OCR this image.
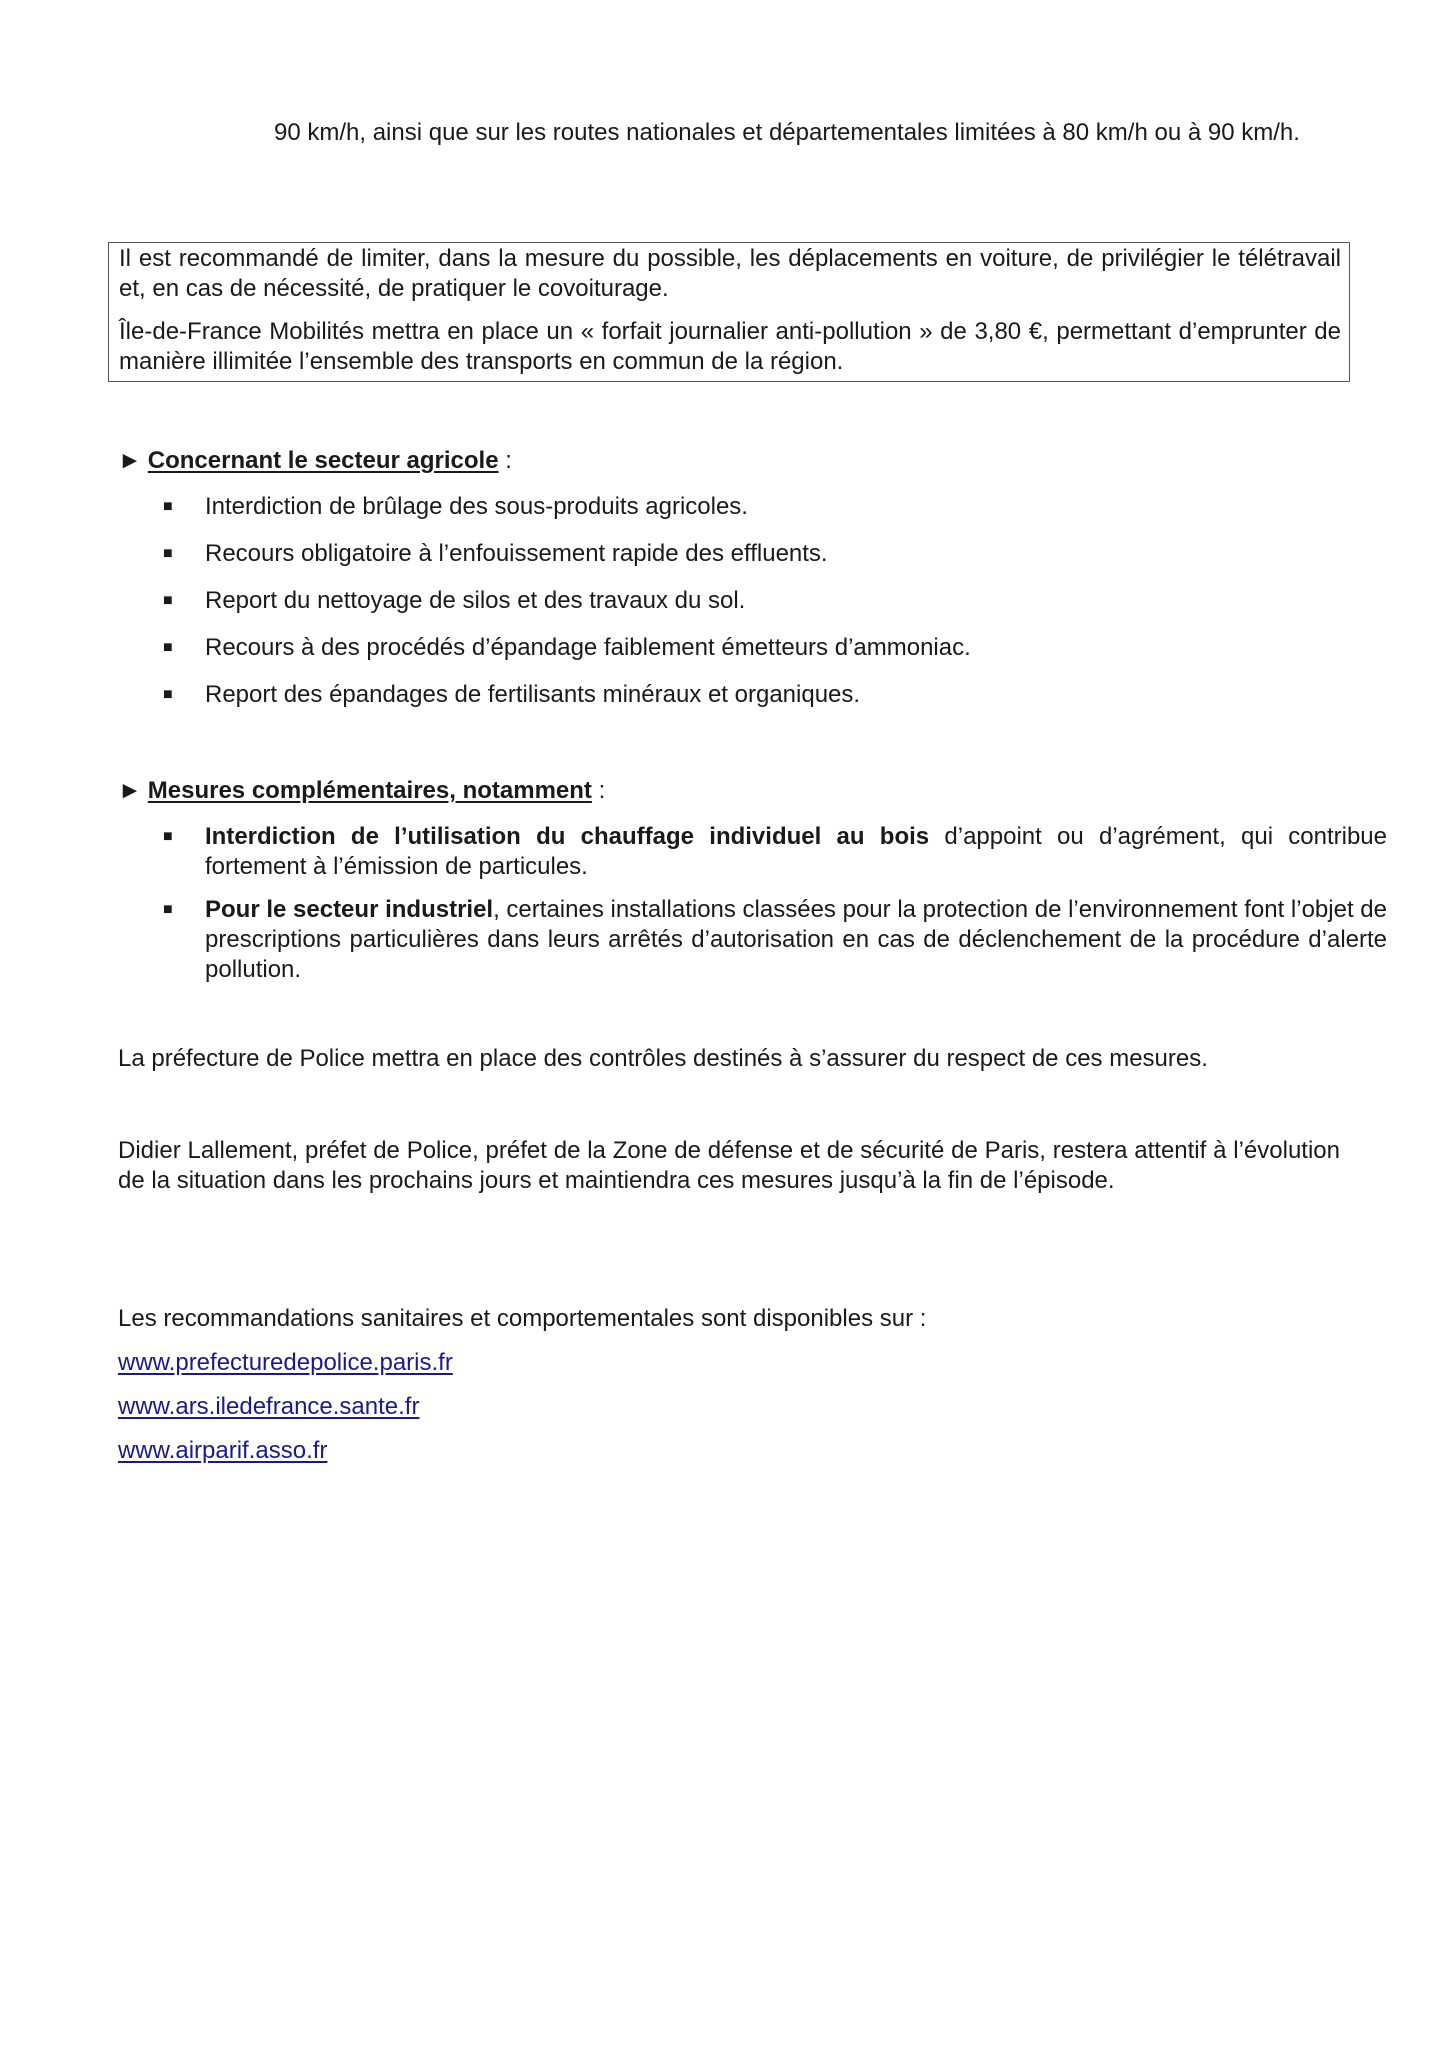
90 km/h, ainsi que sur les routes nationales et départementales limitées à 80 km/h ou à 90 km/h.

Il est recommandé de limiter, dans la mesure du possible, les déplacements en voiture, de privilégier le télétravail et, en cas de nécessité, de pratiquer le covoiturage.

Île-de-France Mobilités mettra en place un « forfait journalier anti-pollution » de 3,80 €, permettant d’emprunter de manière illimitée l’ensemble des transports en commun de la région.

► Concernant le secteur agricole :
■ Interdiction de brûlage des sous-produits agricoles.
■ Recours obligatoire à l’enfouissement rapide des effluents.
■ Report du nettoyage de silos et des travaux du sol.
■ Recours à des procédés d’épandage faiblement émetteurs d’ammoniac.
■ Report des épandages de fertilisants minéraux et organiques.
► Mesures complémentaires, notamment :
■ Interdiction de l’utilisation du chauffage individuel au bois d’appoint ou d’agrément, qui contribue fortement à l’émission de particules.
■ Pour le secteur industriel, certaines installations classées pour la protection de l’environnement font l’objet de prescriptions particulières dans leurs arrêtés d’autorisation en cas de déclenchement de la procédure d’alerte pollution.
La préfecture de Police mettra en place des contrôles destinés à s’assurer du respect de ces mesures.
Didier Lallement, préfet de Police, préfet de la Zone de défense et de sécurité de Paris, restera attentif à l’évolution de la situation dans les prochains jours et maintiendra ces mesures jusqu’à la fin de l’épisode.
Les recommandations sanitaires et comportementales sont disponibles sur :
www.prefecturedepolice.paris.fr
www.ars.iledefrance.sante.fr
www.airparif.asso.fr
